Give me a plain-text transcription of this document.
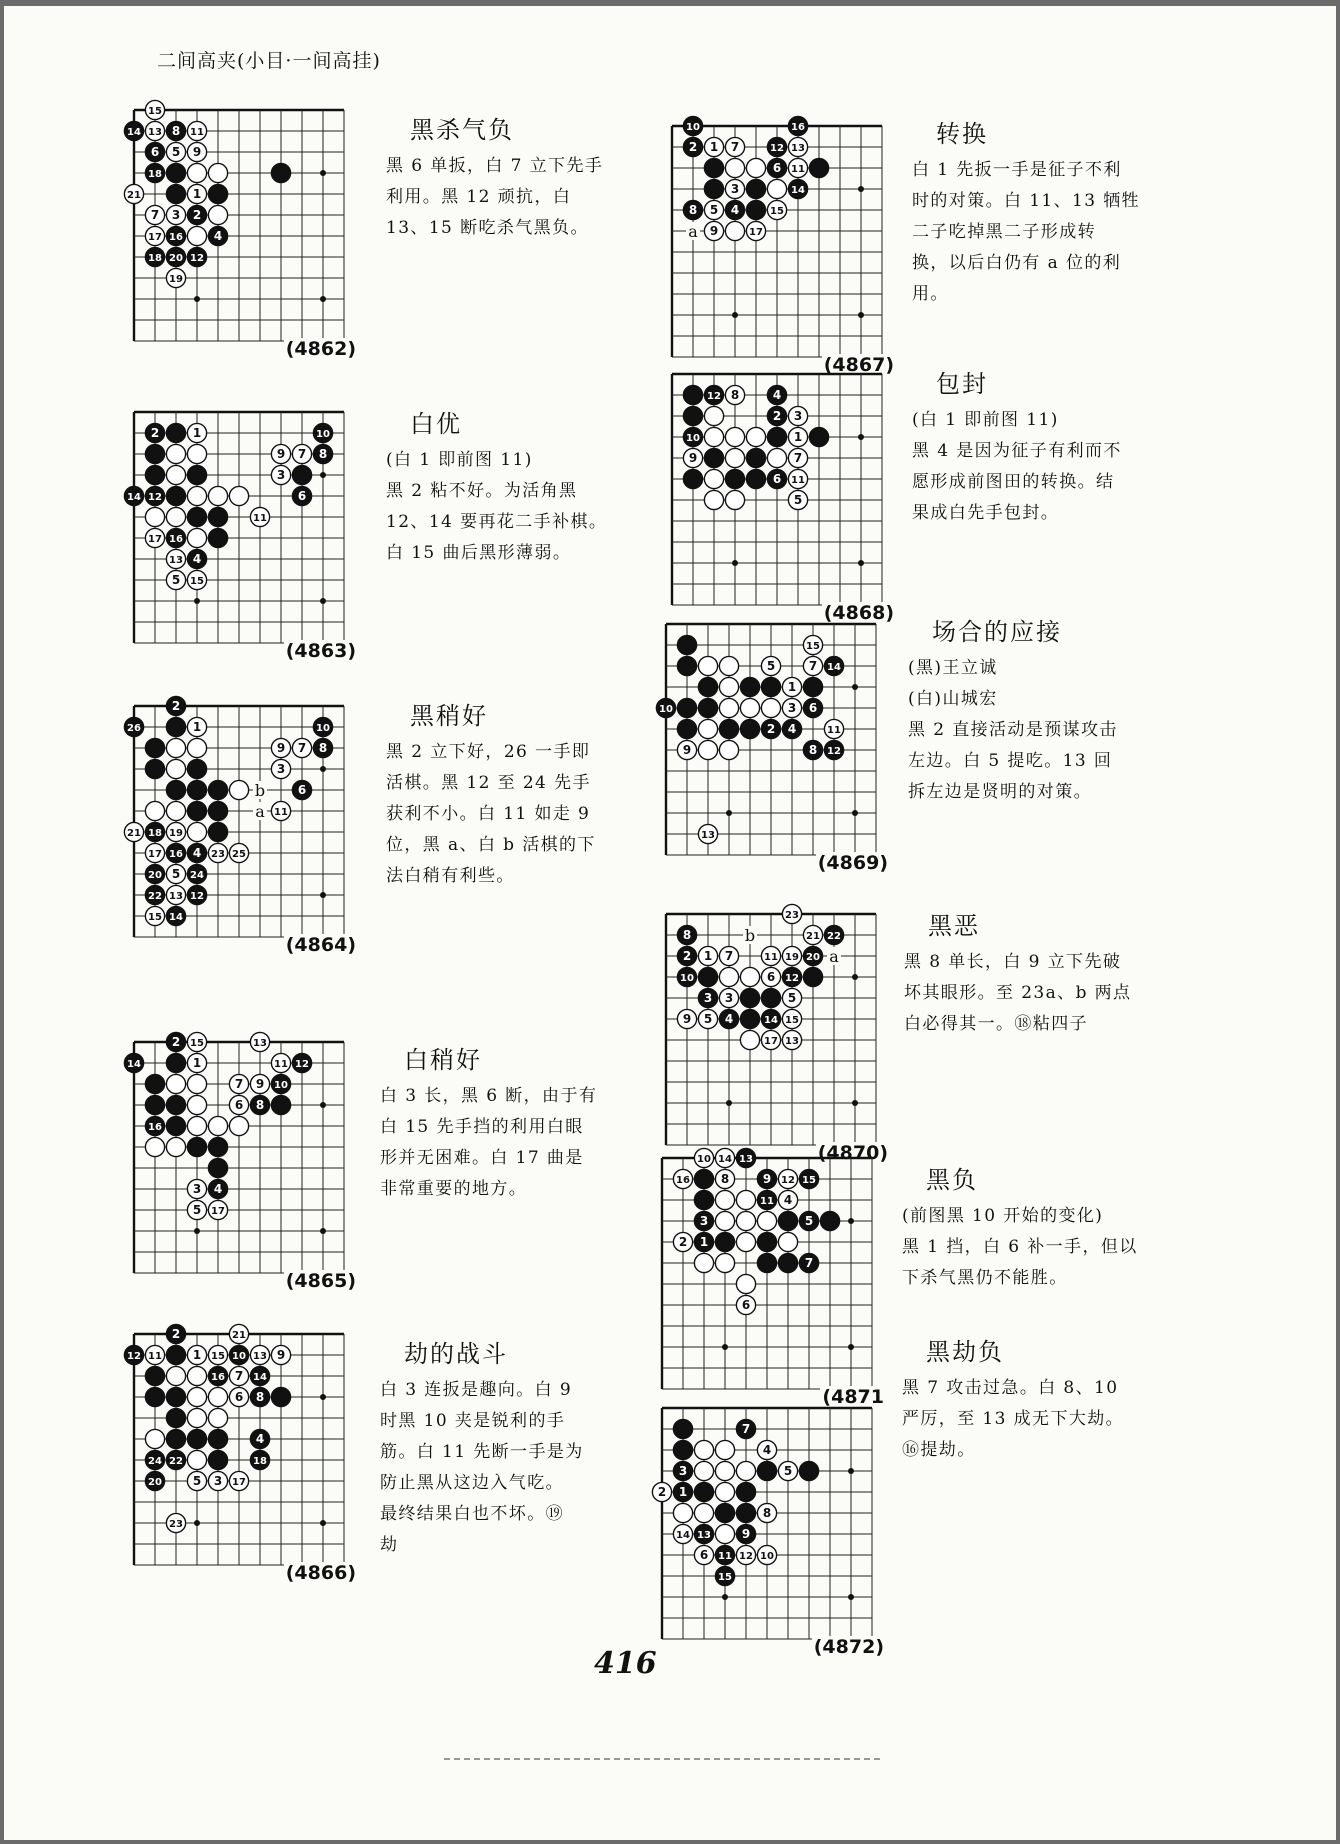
二间高夹(小目·一间高挂)
15
14 13 8 11
6 5 9
18
1
21
7 3 2
17 16	4
18 20 12
19
(4862)
黑杀气负

黑 6 单扳，白 7 立下先手

利用。黑 12 顽抗，白

13、15 断吃杀气黑负。

2	1	10
9 7 8
3
14 12	6
11
17 16
13 4
5 15
(4863)
白优

(白 1 即前图 11)

黑 2 粘不好。为活角黑

12、14 要再花二手补棋。

白 15 曲后黑形薄弱。

b
a
2
26	1	10
9 7 8
3
6
11
21 18 19
17 16 4 23 25
20 5 24
22 13 12
15 14
(4864)
黑稍好

黑 2 立下好，26 一手即

活棋。黑 12 至 24 先手

获利不小。白 11 如走 9

位，黑 a、白 b 活棋的下

法白稍有利些。

2 15	13
14	1	11 12
7 9 10
6 8
16
3 4
5 17
(4865)
白稍好

白 3 长，黑 6 断，由于有

白 15 先手挡的利用白眼

形并无困难。白 17 曲是

非常重要的地方。

2	21
12 11	1 15 10 13 9
16 7 14
6 8
4
24 22	18
20	5 3 17
23
(4866)
劫的战斗

白 3 连扳是趣向。白 9

时黑 10 夹是锐利的手

筋。白 11 先断一手是为

防止黑从这边入气吃。

最终结果白也不坏。⑲

劫

a
10	16
2 1 7	12 13
6 11
3	14
8 5 4	15
9	17
(4867)
转换

白 1 先扳一手是征子不利

时的对策。白 11、13 牺牲

二子吃掉黑二子形成转

换，以后白仍有 a 位的利

用。

12 8	4
2 3
10	1
9	7
6 11
5
(4868)
包封

(白 1 即前图 11)

黑 4 是因为征子有利而不

愿形成前图田的转换。结

果成白先手包封。

15
5	7 14
1
10	3 6
2 4	11
9	8 12
13
(4869)
场合的应接

(黑)王立诚

(白)山城宏

黑 2 直接活动是预谋攻击

左边。白 5 提吃。13 回

拆左边是贤明的对策。

b
a
23
8	21 22
2 1 7	11 19 20
10	6 12
3 3	5
9 5 4	14 15
17 13
(4870)
黑恶

黑 8 单长，白 9 立下先破

坏其眼形。至 23a、b 两点

白必得其一。⑱粘四子

10 14 13
16	8	9 12 15
11 4
3	5
2 1
7
6
(4871
黑负

(前图黑 10 开始的变化)

黑 1 挡，白 6 补一手，但以

下杀气黑仍不能胜。

7
4
3	5
2 1
8
14 13	9
6 11 12 10
15
(4872)
黑劫负

黑 7 攻击过急。白 8、10

严厉，至 13 成无下大劫。

⑯提劫。

416
